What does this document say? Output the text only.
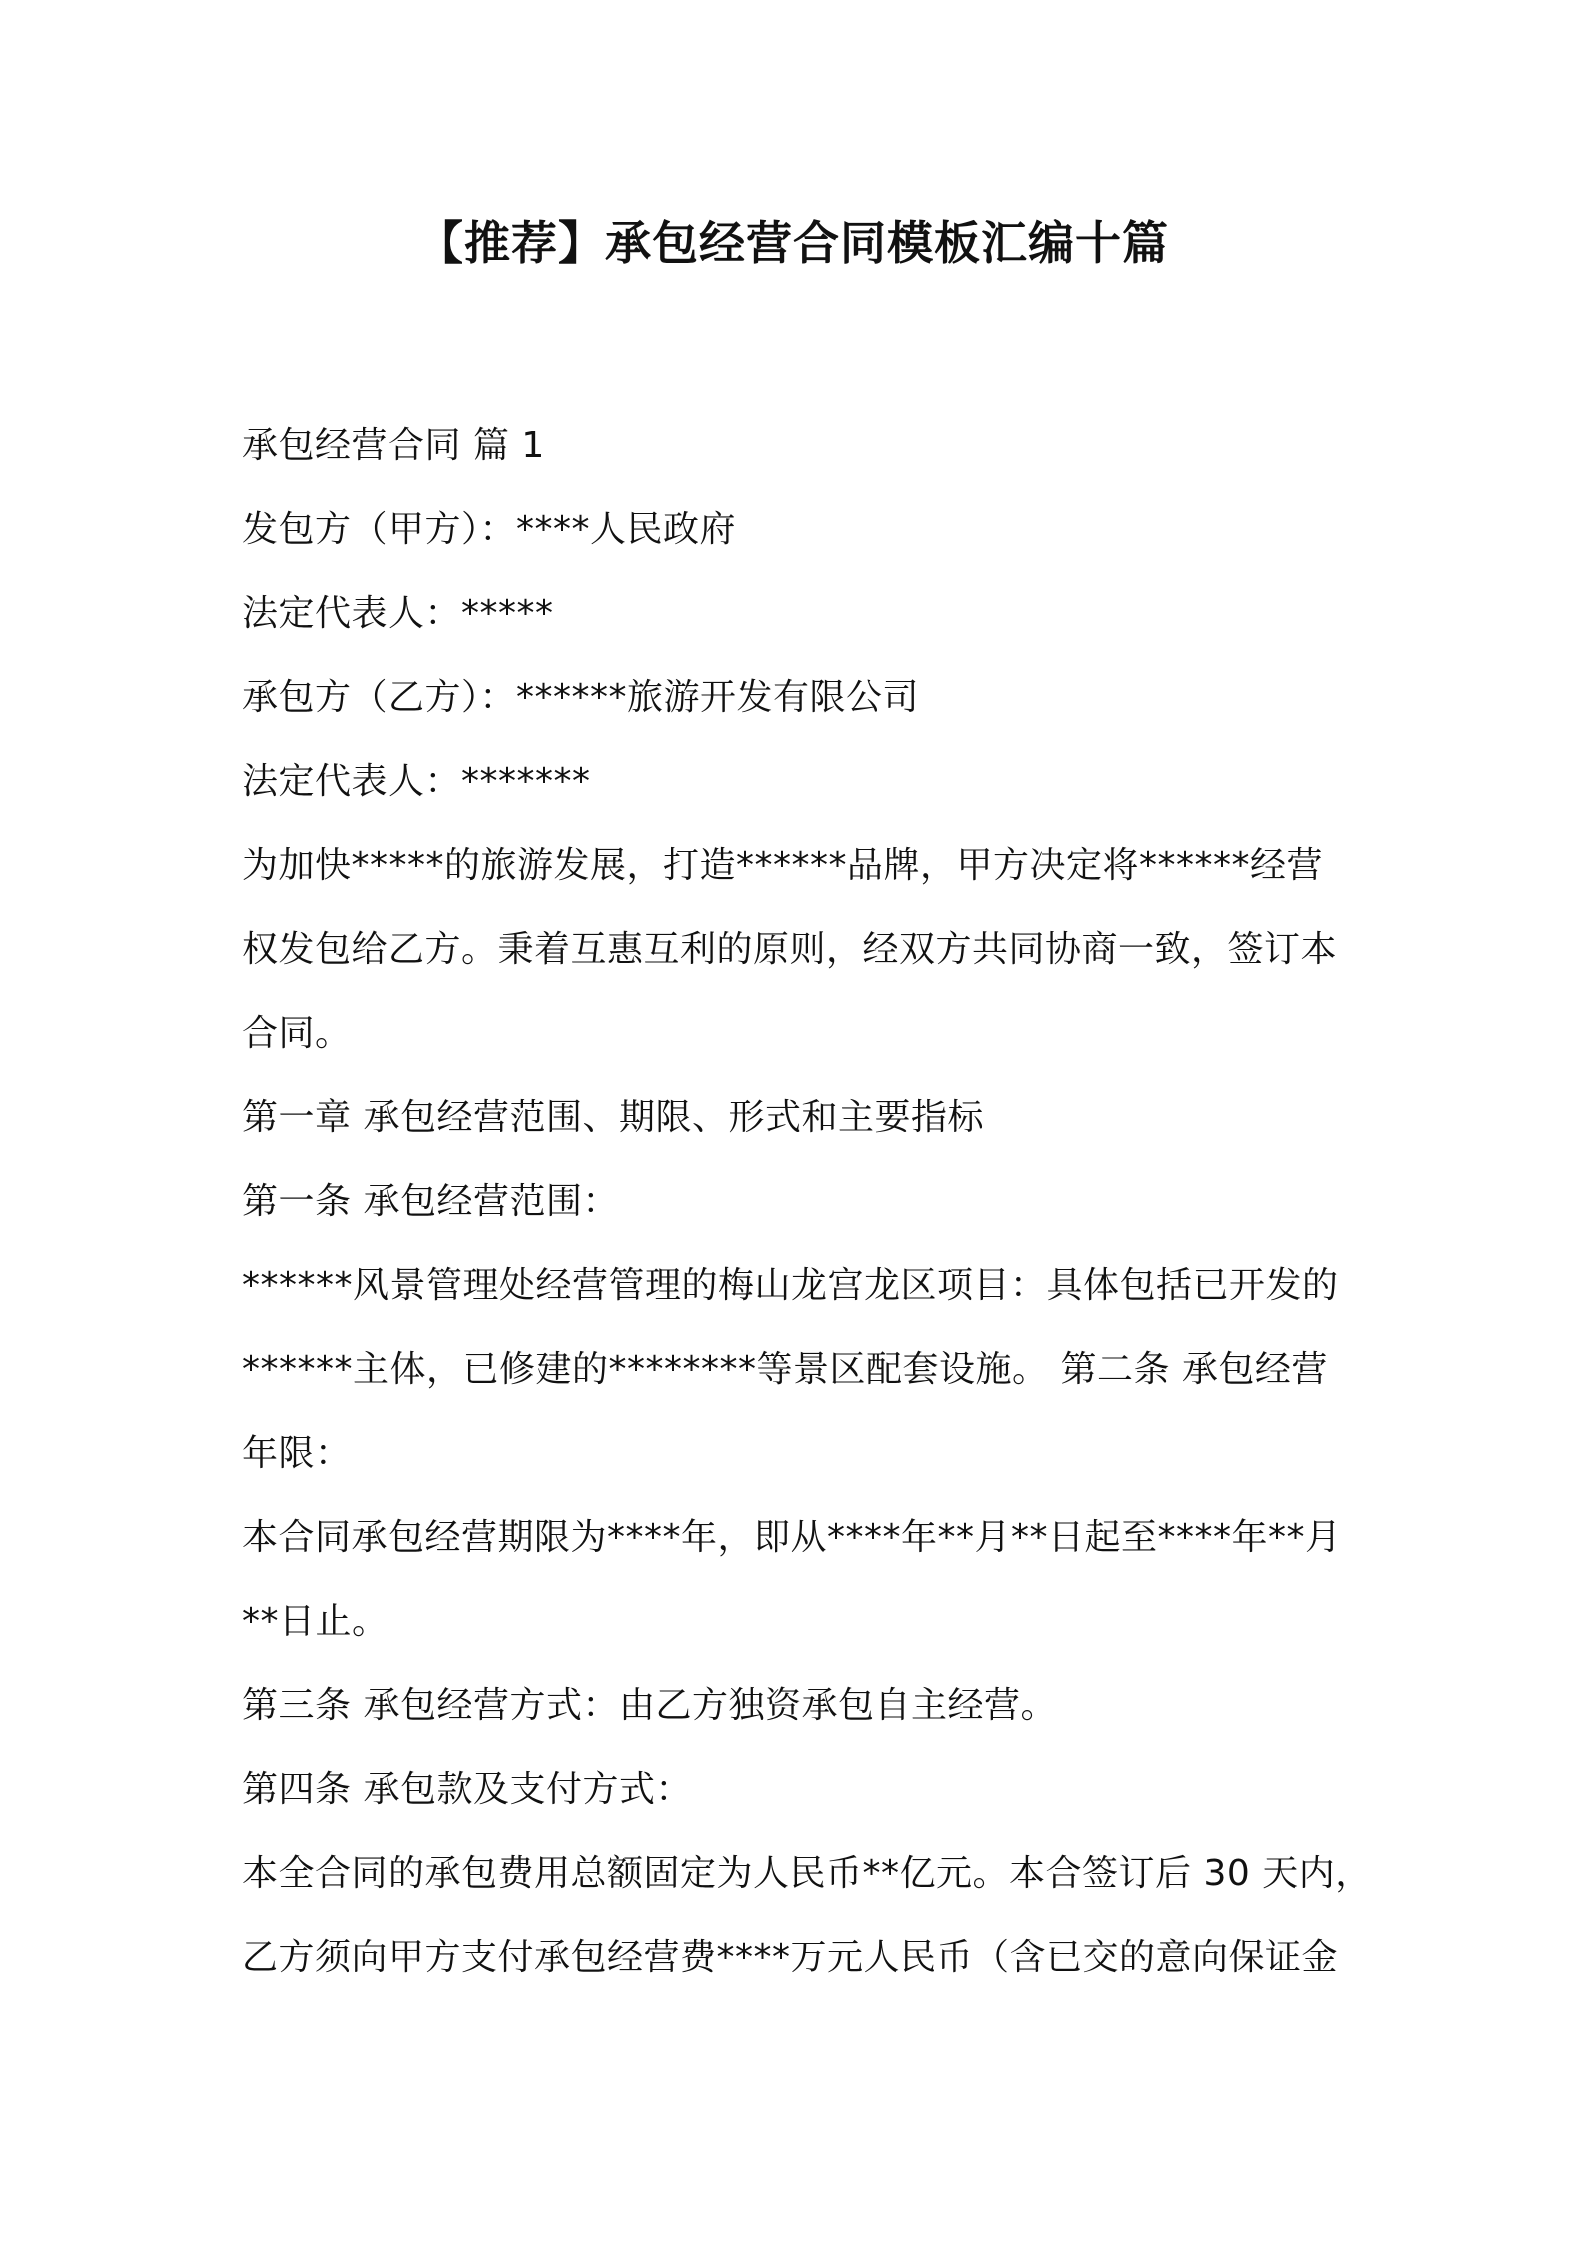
【推荐】承包经营合同模板汇编十篇

承包经营合同 篇 1

发包方（甲方）：****人民政府

法定代表人：*****

承包方（乙方）：******旅游开发有限公司

法定代表人：*******

为加快*****的旅游发展，打造******品牌，甲方决定将******经营

权发包给乙方。秉着互惠互利的原则，经双方共同协商一致，签订本

合同。

第一章 承包经营范围、期限、形式和主要指标

第一条 承包经营范围：

******风景管理处经营管理的梅山龙宫龙区项目：具体包括已开发的

******主体，已修建的********等景区配套设施。 第二条 承包经营

年限：

本合同承包经营期限为****年，即从****年**月**日起至****年**月

**日止。

第三条 承包经营方式：由乙方独资承包自主经营。

第四条 承包款及支付方式：

本全合同的承包费用总额固定为人民币**亿元。本合签订后 30 天内，

乙方须向甲方支付承包经营费****万元人民币（含已交的意向保证金
